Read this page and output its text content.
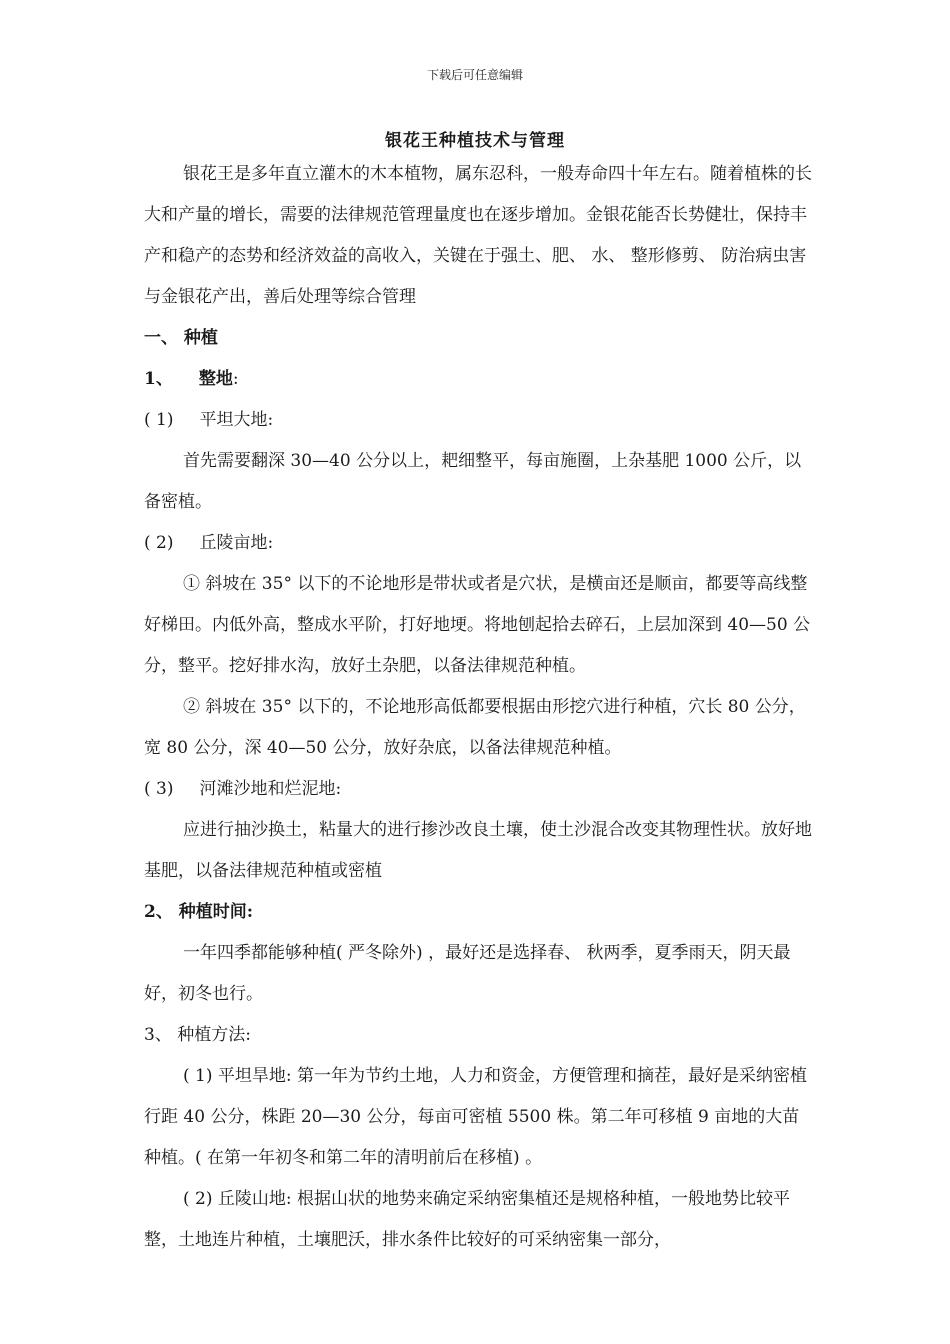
下载后可任意编辑
银花王种植技术与管理

银花王是多年直立灌木的木本植物，属东忍科，一般寿命四十年左右。随着植株的长大和产量的增长，需要的法律规范管理量度也在逐步增加。金银花能否长势健壮，保持丰产和稳产的态势和经济效益的高收入，关键在于强土、肥、 水、 整形修剪、 防治病虫害与金银花产出，善后处理等综合管理

一、 种植

1、 整地:

( 1) 平坦大地:

首先需要翻深 30—40 公分以上，耙细整平，每亩施圈，上杂基肥 1000 公斤，以备密植。

( 2) 丘陵亩地:

① 斜坡在 35° 以下的不论地形是带状或者是穴状，是横亩还是顺亩，都要等高线整好梯田。内低外高，整成水平阶，打好地埂。将地刨起拾去碎石，上层加深到 40—50 公分，整平。挖好排水沟，放好土杂肥，以备法律规范种植。

② 斜坡在 35° 以下的，不论地形高低都要根据由形挖穴进行种植，穴长 80 公分，宽 80 公分，深 40—50 公分，放好杂底，以备法律规范种植。

( 3) 河滩沙地和烂泥地:

应进行抽沙换土，粘量大的进行掺沙改良土壤，使土沙混合改变其物理性状。放好地基肥，以备法律规范种植或密植

2、 种植时间:

一年四季都能够种植( 严冬除外) ，最好还是选择春、 秋两季，夏季雨天，阴天最好，初冬也行。

3、 种植方法:

( 1) 平坦旱地: 第一年为节约土地，人力和资金，方便管理和摘茬，最好是采纳密植行距 40 公分，株距 20—30 公分，每亩可密植 5500 株。第二年可移植 9 亩地的大苗种植。( 在第一年初冬和第二年的清明前后在移植) 。

( 2) 丘陵山地: 根据山状的地势来确定采纳密集植还是规格种植，一般地势比较平整，土地连片种植，土壤肥沃，排水条件比较好的可采纳密集一部分，
